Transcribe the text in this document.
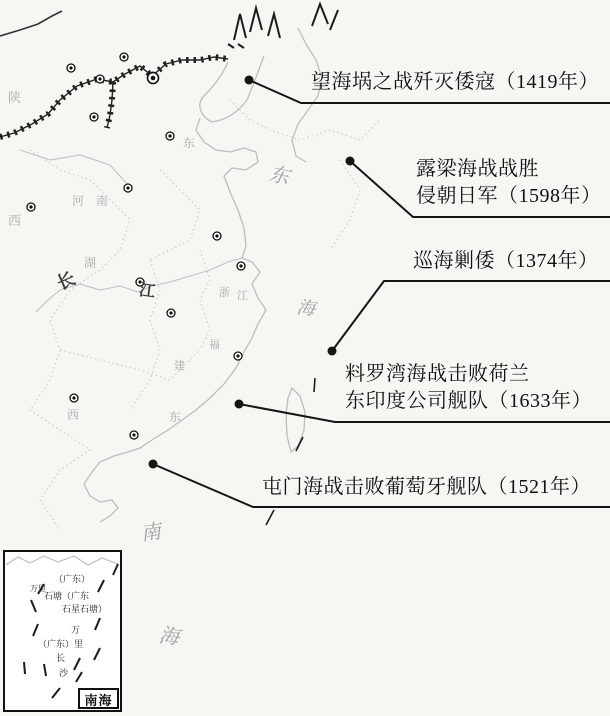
陕
西
河 南
东
湖
浙 江
福
建
西	东
东
海
南
海
长	江
望海埚之战歼灭倭寇（1419年）
露梁海战战胜
侵朝日军（1598年）
巡海剿倭（1374年）
料罗湾海战击败荷兰
东印度公司舰队（1633年）
屯门海战击败葡萄牙舰队（1521年）
（广东）
万里
石塘（广东
石星石塘）
万
（广东）里
长
沙
南海
